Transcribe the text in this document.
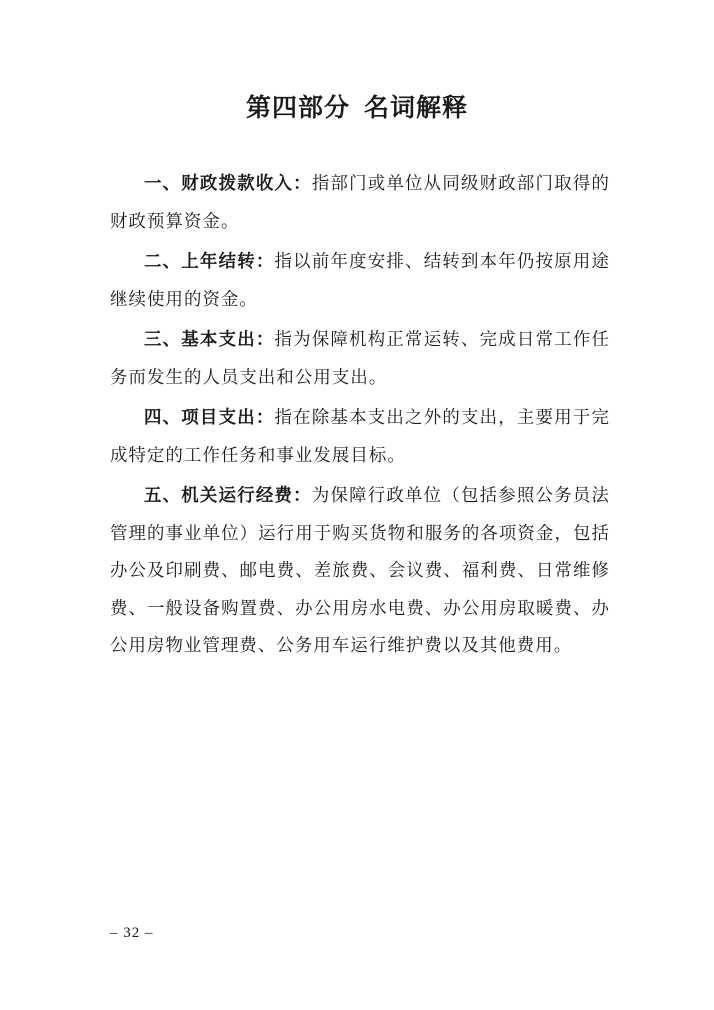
第四部分 名词解释

一、财政拨款收入：指部门或单位从同级财政部门取得的财政预算资金。

二、上年结转：指以前年度安排、结转到本年仍按原用途继续使用的资金。

三、基本支出：指为保障机构正常运转、完成日常工作任务而发生的人员支出和公用支出。

四、项目支出：指在除基本支出之外的支出，主要用于完成特定的工作任务和事业发展目标。

五、机关运行经费：为保障行政单位（包括参照公务员法管理的事业单位）运行用于购买货物和服务的各项资金，包括办公及印刷费、邮电费、差旅费、会议费、福利费、日常维修费、一般设备购置费、办公用房水电费、办公用房取暖费、办公用房物业管理费、公务用车运行维护费以及其他费用。

– 32 –
